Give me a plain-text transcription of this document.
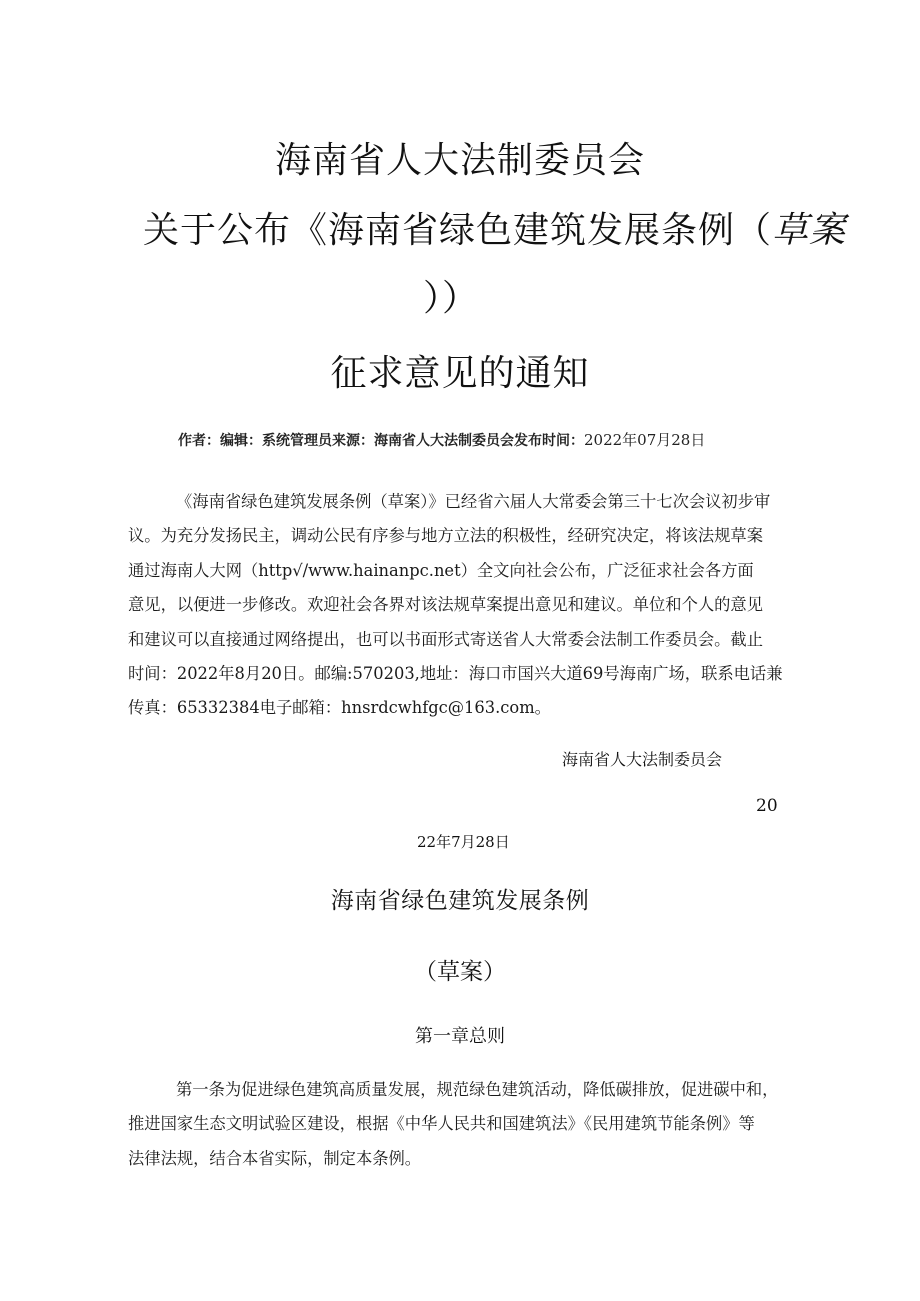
海南省人大法制委员会
关于公布《海南省绿色建筑发展条例（草案
））
征求意见的通知
作者：编辑：系统管理员来源：海南省人大法制委员会发布时间：2022年07月28日
《海南省绿色建筑发展条例（草案）》已经省六届人大常委会第三十七次会议初步审
议。为充分发扬民主，调动公民有序参与地方立法的积极性，经研究决定，将该法规草案
通过海南人大网（http√/www.hainanpc.net）全文向社会公布，广泛征求社会各方面
意见，以便进一步修改。欢迎社会各界对该法规草案提出意见和建议。单位和个人的意见
和建议可以直接通过网络提出，也可以书面形式寄送省人大常委会法制工作委员会。截止
时间：2022年8月20日。邮编:570203,地址：海口市国兴大道69号海南广场，联系电话兼
传真：65332384电子邮箱：hnsrdcwhfgc@163.com。
海南省人大法制委员会
20
22年7月28日
海南省绿色建筑发展条例
（草案）
第一章总则
第一条为促进绿色建筑高质量发展，规范绿色建筑活动，降低碳排放，促进碳中和，
推进国家生态文明试验区建设，根据《中华人民共和国建筑法》《民用建筑节能条例》等
法律法规，结合本省实际，制定本条例。
